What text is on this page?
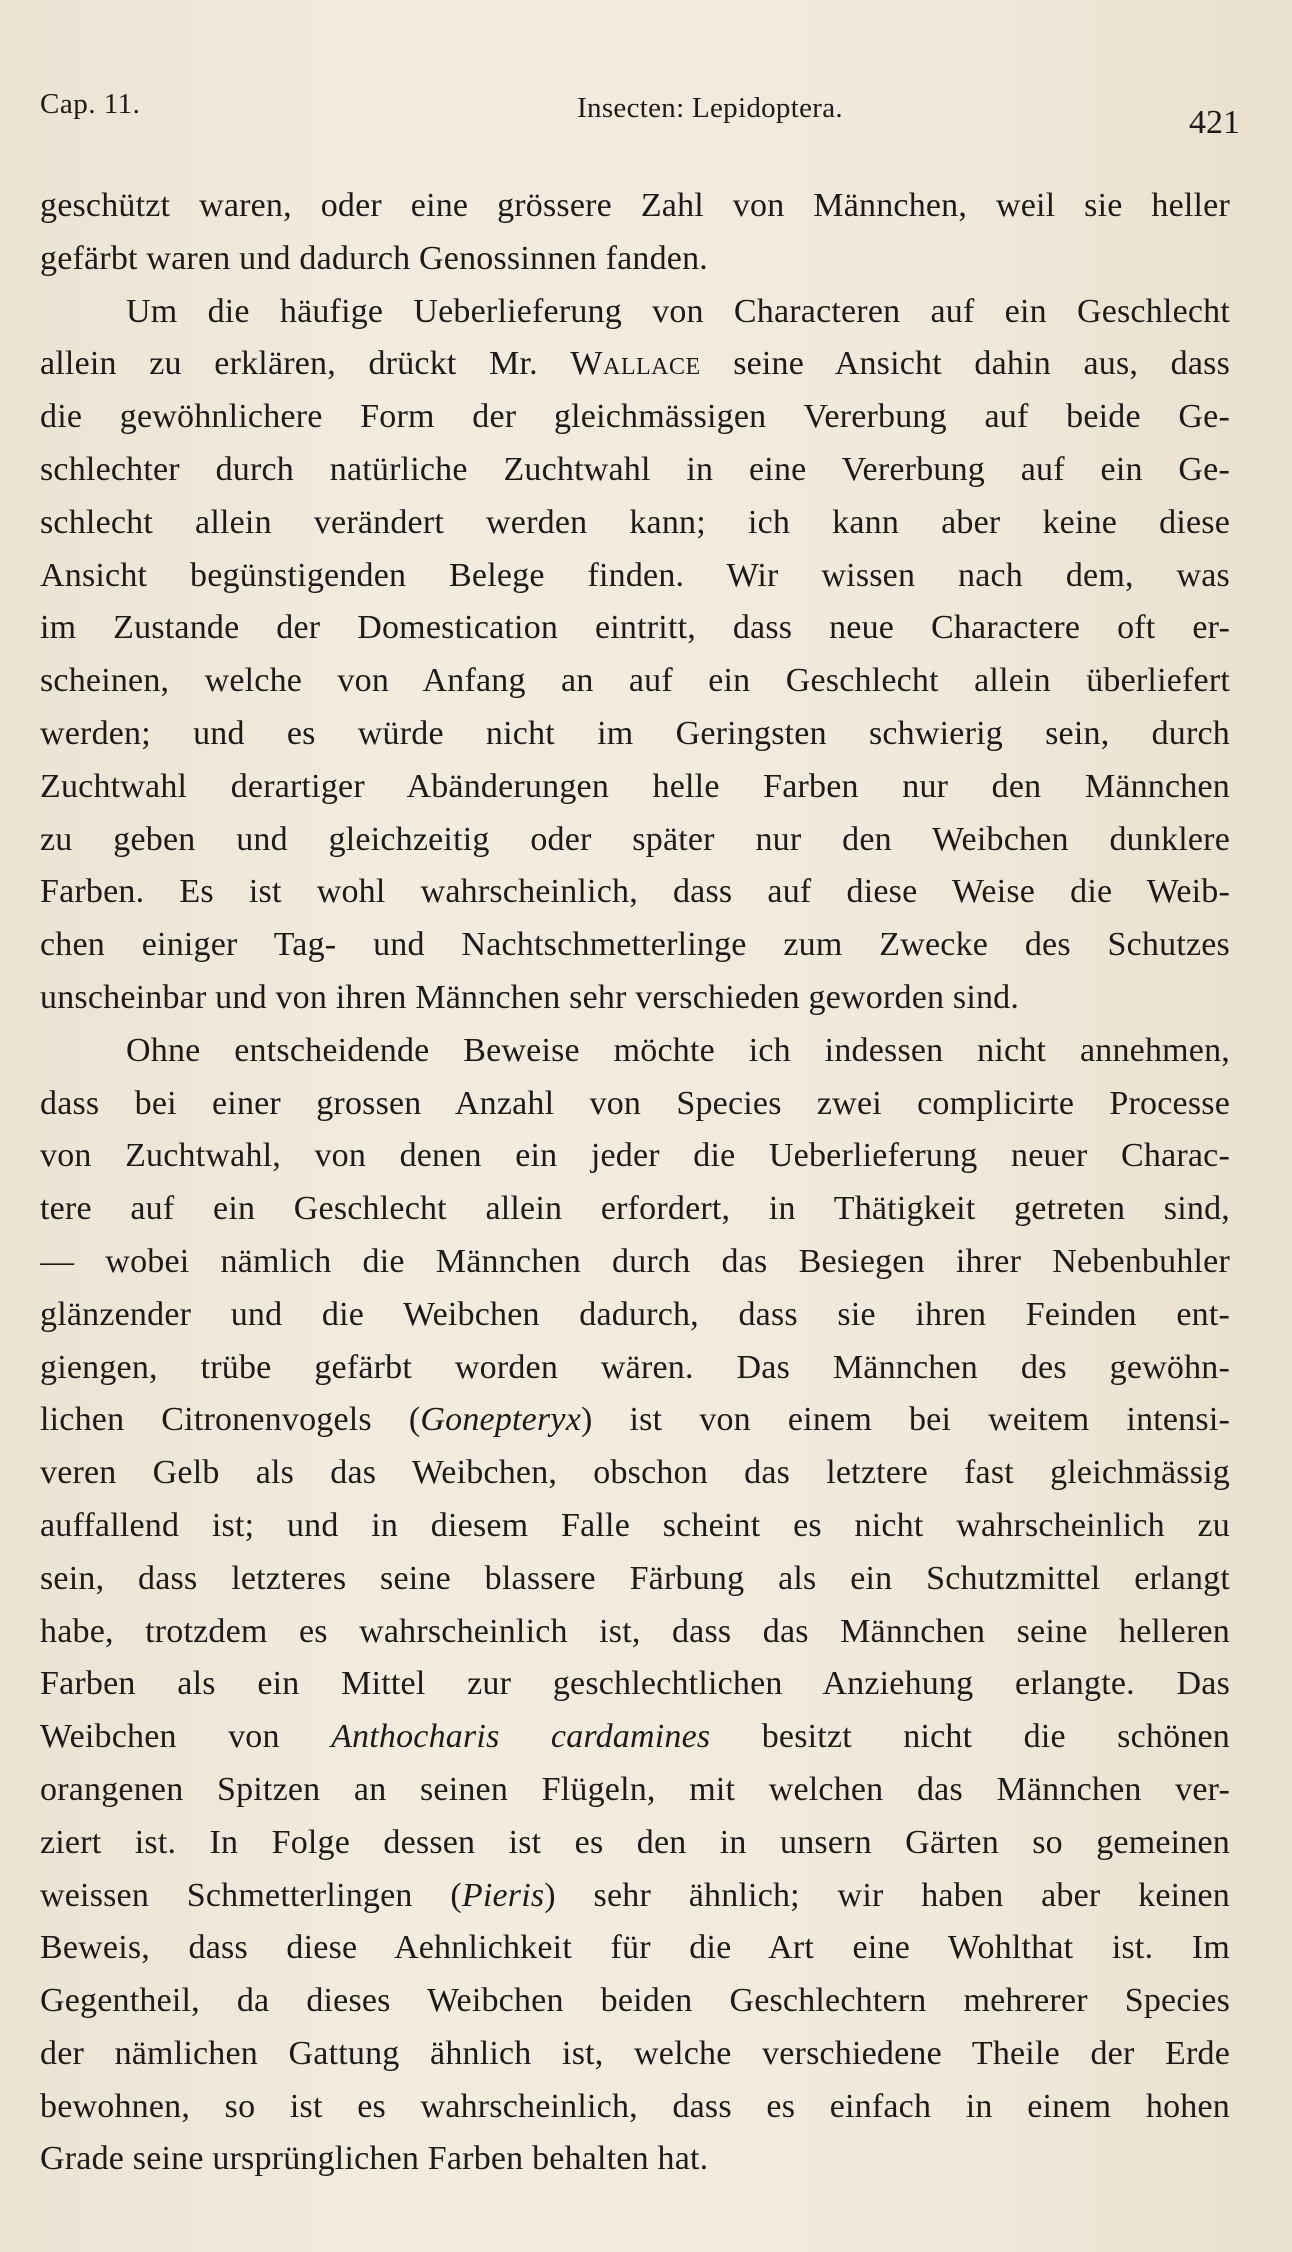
Cap. 11.	Insecten: Lepidoptera.	421
geschützt waren, oder eine grössere Zahl von Männchen, weil sie heller
gefärbt waren und dadurch Genossinnen fanden.
Um die häufige Ueberlieferung von Characteren auf ein Geschlecht
allein zu erklären, drückt Mr. Wallace seine Ansicht dahin aus, dass
die gewöhnlichere Form der gleichmässigen Vererbung auf beide Ge-
schlechter durch natürliche Zuchtwahl in eine Vererbung auf ein Ge-
schlecht allein verändert werden kann; ich kann aber keine diese
Ansicht begünstigenden Belege finden. Wir wissen nach dem, was
im Zustande der Domestication eintritt, dass neue Charactere oft er-
scheinen, welche von Anfang an auf ein Geschlecht allein überliefert
werden; und es würde nicht im Geringsten schwierig sein, durch
Zuchtwahl derartiger Abänderungen helle Farben nur den Männchen
zu geben und gleichzeitig oder später nur den Weibchen dunklere
Farben. Es ist wohl wahrscheinlich, dass auf diese Weise die Weib-
chen einiger Tag- und Nachtschmetterlinge zum Zwecke des Schutzes
unscheinbar und von ihren Männchen sehr verschieden geworden sind.
Ohne entscheidende Beweise möchte ich indessen nicht annehmen,
dass bei einer grossen Anzahl von Species zwei complicirte Processe
von Zuchtwahl, von denen ein jeder die Ueberlieferung neuer Charac-
tere auf ein Geschlecht allein erfordert, in Thätigkeit getreten sind,
— wobei nämlich die Männchen durch das Besiegen ihrer Nebenbuhler
glänzender und die Weibchen dadurch, dass sie ihren Feinden ent-
giengen, trübe gefärbt worden wären. Das Männchen des gewöhn-
lichen Citronenvogels (Gonepteryx) ist von einem bei weitem intensi-
veren Gelb als das Weibchen, obschon das letztere fast gleichmässig
auffallend ist; und in diesem Falle scheint es nicht wahrscheinlich zu
sein, dass letzteres seine blassere Färbung als ein Schutzmittel erlangt
habe, trotzdem es wahrscheinlich ist, dass das Männchen seine helleren
Farben als ein Mittel zur geschlechtlichen Anziehung erlangte. Das
Weibchen von Anthocharis cardamines besitzt nicht die schönen
orangenen Spitzen an seinen Flügeln, mit welchen das Männchen ver-
ziert ist. In Folge dessen ist es den in unsern Gärten so gemeinen
weissen Schmetterlingen (Pieris) sehr ähnlich; wir haben aber keinen
Beweis, dass diese Aehnlichkeit für die Art eine Wohlthat ist. Im
Gegentheil, da dieses Weibchen beiden Geschlechtern mehrerer Species
der nämlichen Gattung ähnlich ist, welche verschiedene Theile der Erde
bewohnen, so ist es wahrscheinlich, dass es einfach in einem hohen
Grade seine ursprünglichen Farben behalten hat.
